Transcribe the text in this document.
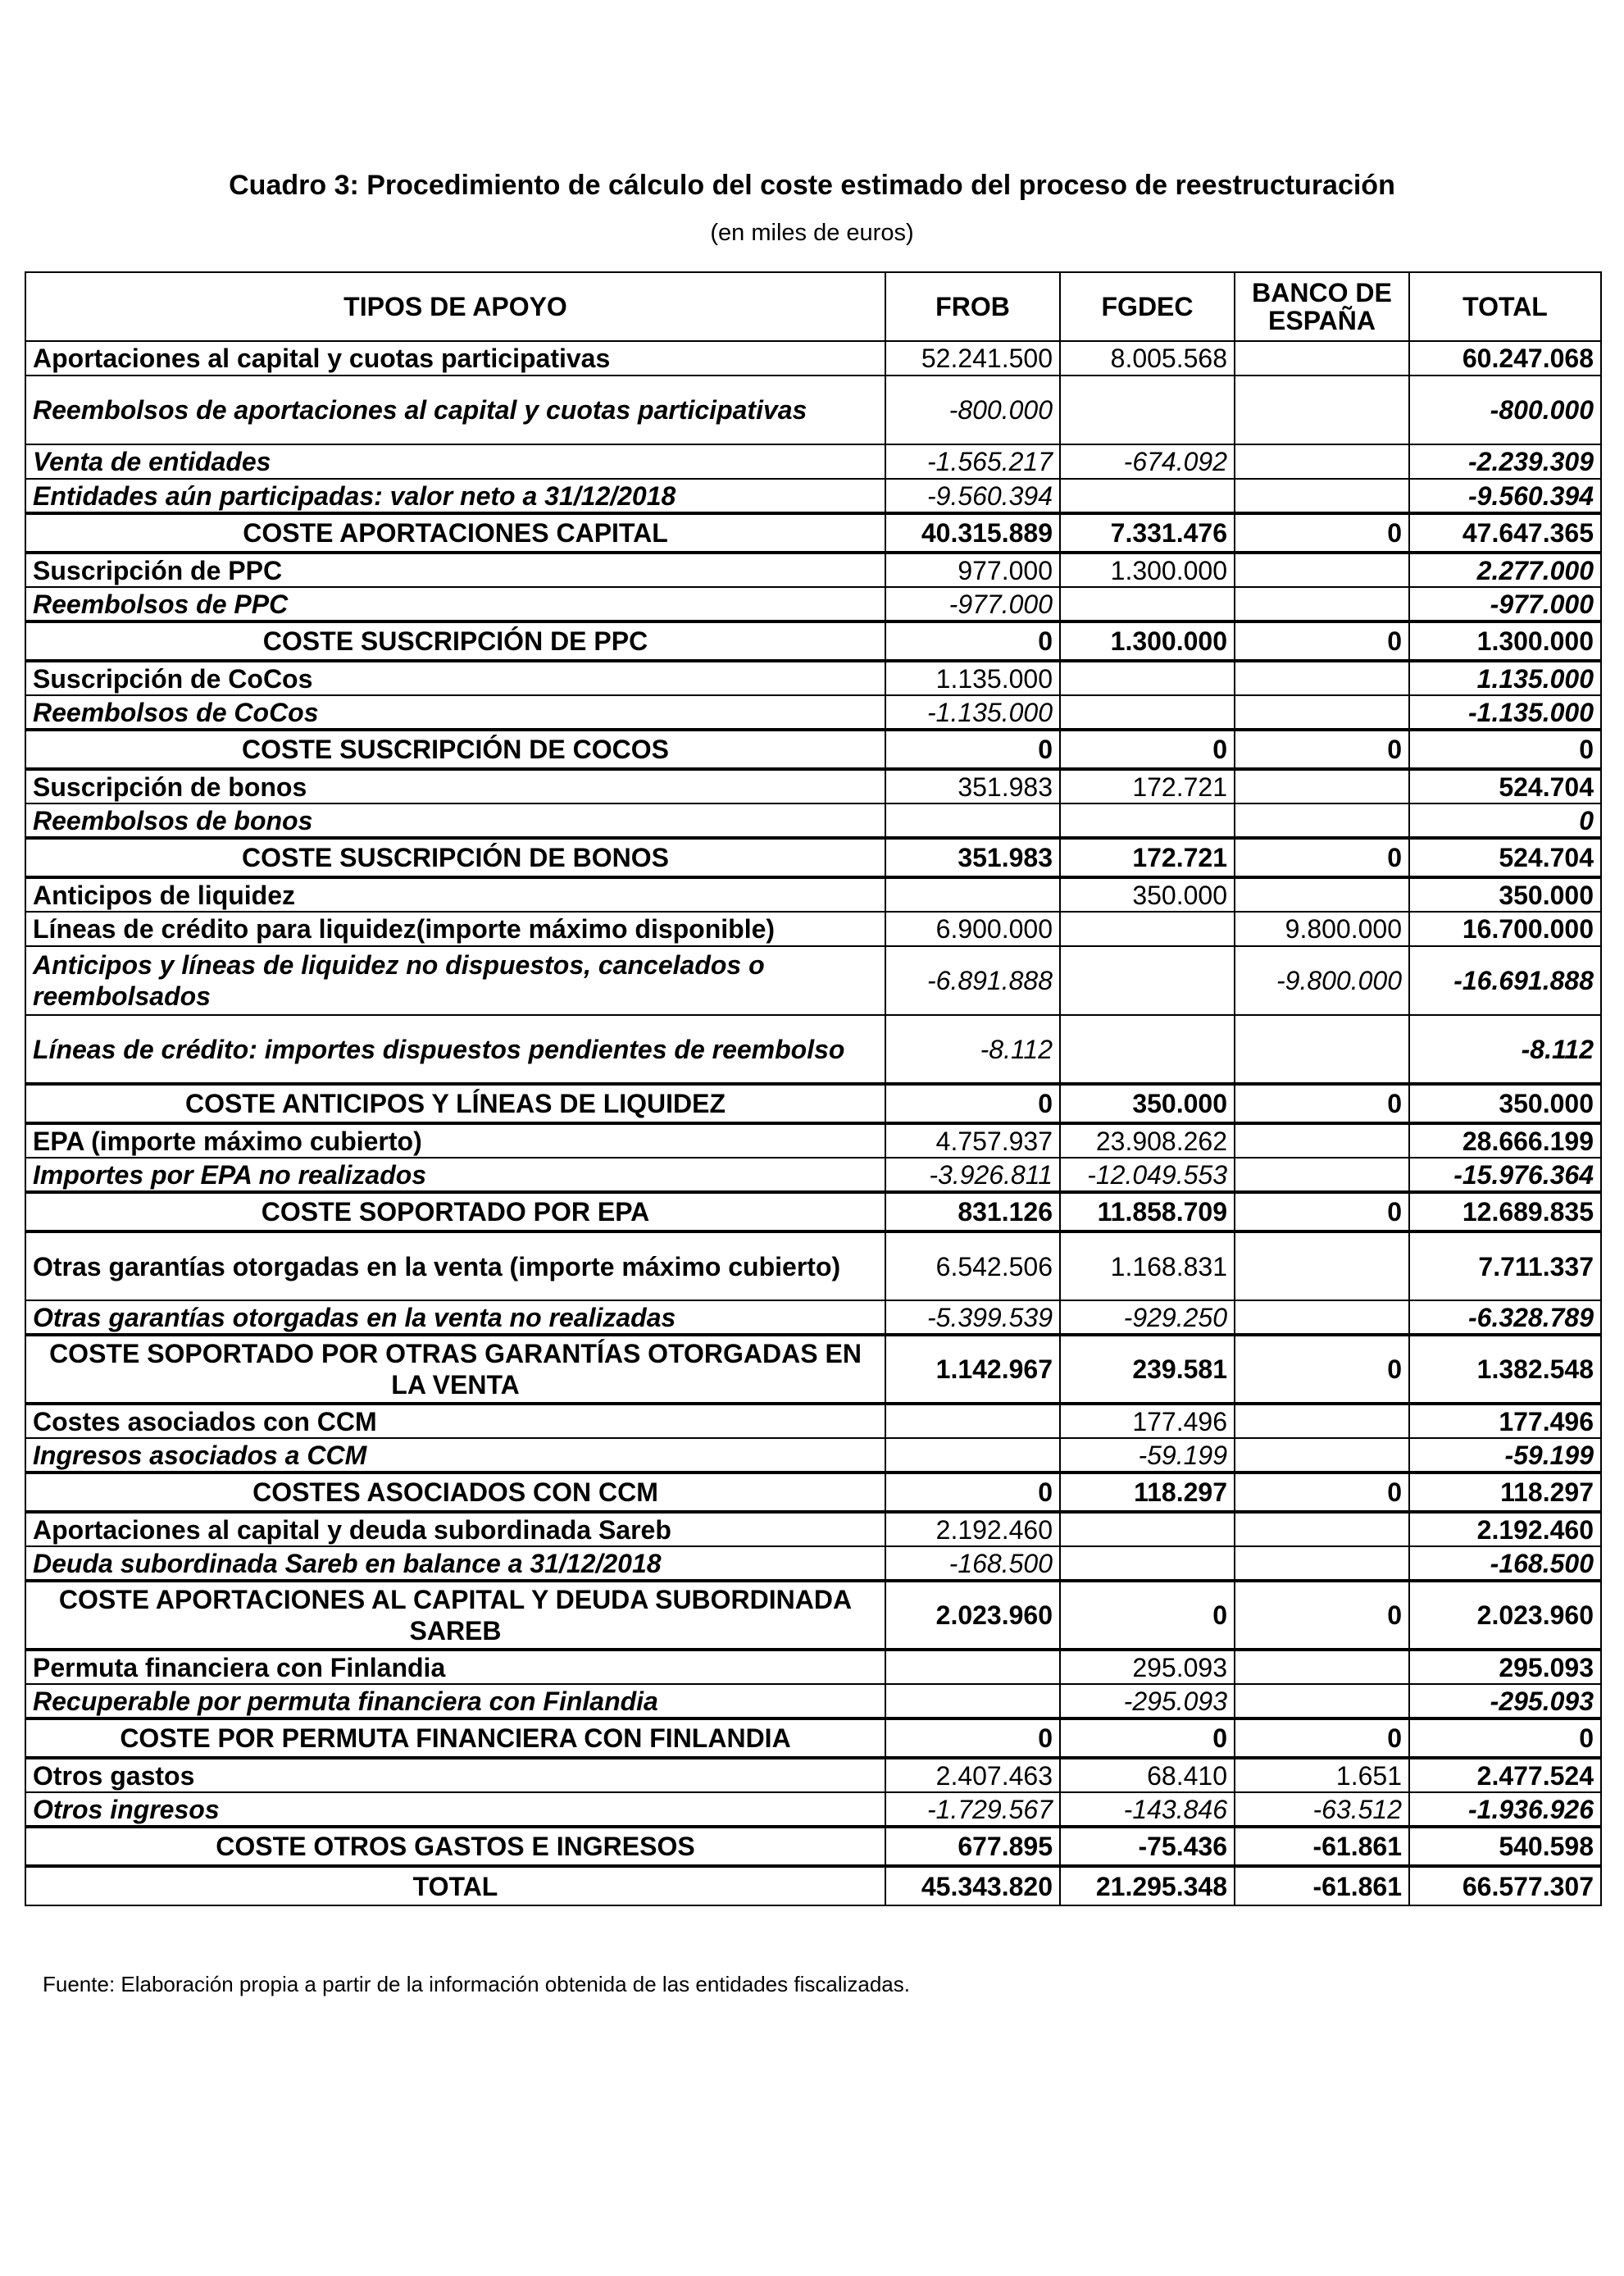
Cuadro 3: Procedimiento de cálculo del coste estimado del proceso de reestructuración
(en miles de euros)
TIPOS DE APOYO	FROB	FGDEC	BANCO DE ESPAÑA	TOTAL
Aportaciones al capital y cuotas participativas	52.241.500	8.005.568		60.247.068
Reembolsos de aportaciones al capital y cuotas participativas	-800.000			-800.000
Venta de entidades	-1.565.217	-674.092		-2.239.309
Entidades aún participadas: valor neto a 31/12/2018	-9.560.394			-9.560.394
COSTE APORTACIONES CAPITAL	40.315.889	7.331.476	0	47.647.365
Suscripción de PPC	977.000	1.300.000		2.277.000
Reembolsos de PPC	-977.000			-977.000
COSTE SUSCRIPCIÓN DE PPC	0	1.300.000	0	1.300.000
Suscripción de CoCos	1.135.000			1.135.000
Reembolsos de CoCos	-1.135.000			-1.135.000
COSTE SUSCRIPCIÓN DE COCOS	0	0	0	0
Suscripción de bonos	351.983	172.721		524.704
Reembolsos de bonos				0
COSTE SUSCRIPCIÓN DE BONOS	351.983	172.721	0	524.704
Anticipos de liquidez		350.000		350.000
Líneas de crédito para liquidez(importe máximo disponible)	6.900.000		9.800.000	16.700.000
Anticipos y líneas de liquidez no dispuestos, cancelados o reembolsados	-6.891.888		-9.800.000	-16.691.888
Líneas de crédito: importes dispuestos pendientes de reembolso	-8.112			-8.112
COSTE ANTICIPOS Y LÍNEAS DE LIQUIDEZ	0	350.000	0	350.000
EPA (importe máximo cubierto)	4.757.937	23.908.262		28.666.199
Importes por EPA no realizados	-3.926.811	-12.049.553		-15.976.364
COSTE SOPORTADO POR EPA	831.126	11.858.709	0	12.689.835
Otras garantías otorgadas en la venta (importe máximo cubierto)	6.542.506	1.168.831		7.711.337
Otras garantías otorgadas en la venta no realizadas	-5.399.539	-929.250		-6.328.789
COSTE SOPORTADO POR OTRAS GARANTÍAS OTORGADAS EN LA VENTA	1.142.967	239.581	0	1.382.548
Costes asociados con CCM		177.496		177.496
Ingresos asociados a CCM		-59.199		-59.199
COSTES ASOCIADOS CON CCM	0	118.297	0	118.297
Aportaciones al capital y deuda subordinada Sareb	2.192.460			2.192.460
Deuda subordinada Sareb en balance a 31/12/2018	-168.500			-168.500
COSTE APORTACIONES AL CAPITAL Y DEUDA SUBORDINADA SAREB	2.023.960	0	0	2.023.960
Permuta financiera con Finlandia		295.093		295.093
Recuperable por permuta financiera con Finlandia		-295.093		-295.093
COSTE POR PERMUTA FINANCIERA CON FINLANDIA	0	0	0	0
Otros gastos	2.407.463	68.410	1.651	2.477.524
Otros ingresos	-1.729.567	-143.846	-63.512	-1.936.926
COSTE OTROS GASTOS E INGRESOS	677.895	-75.436	-61.861	540.598
TOTAL	45.343.820	21.295.348	-61.861	66.577.307
Fuente: Elaboración propia a partir de la información obtenida de las entidades fiscalizadas.
